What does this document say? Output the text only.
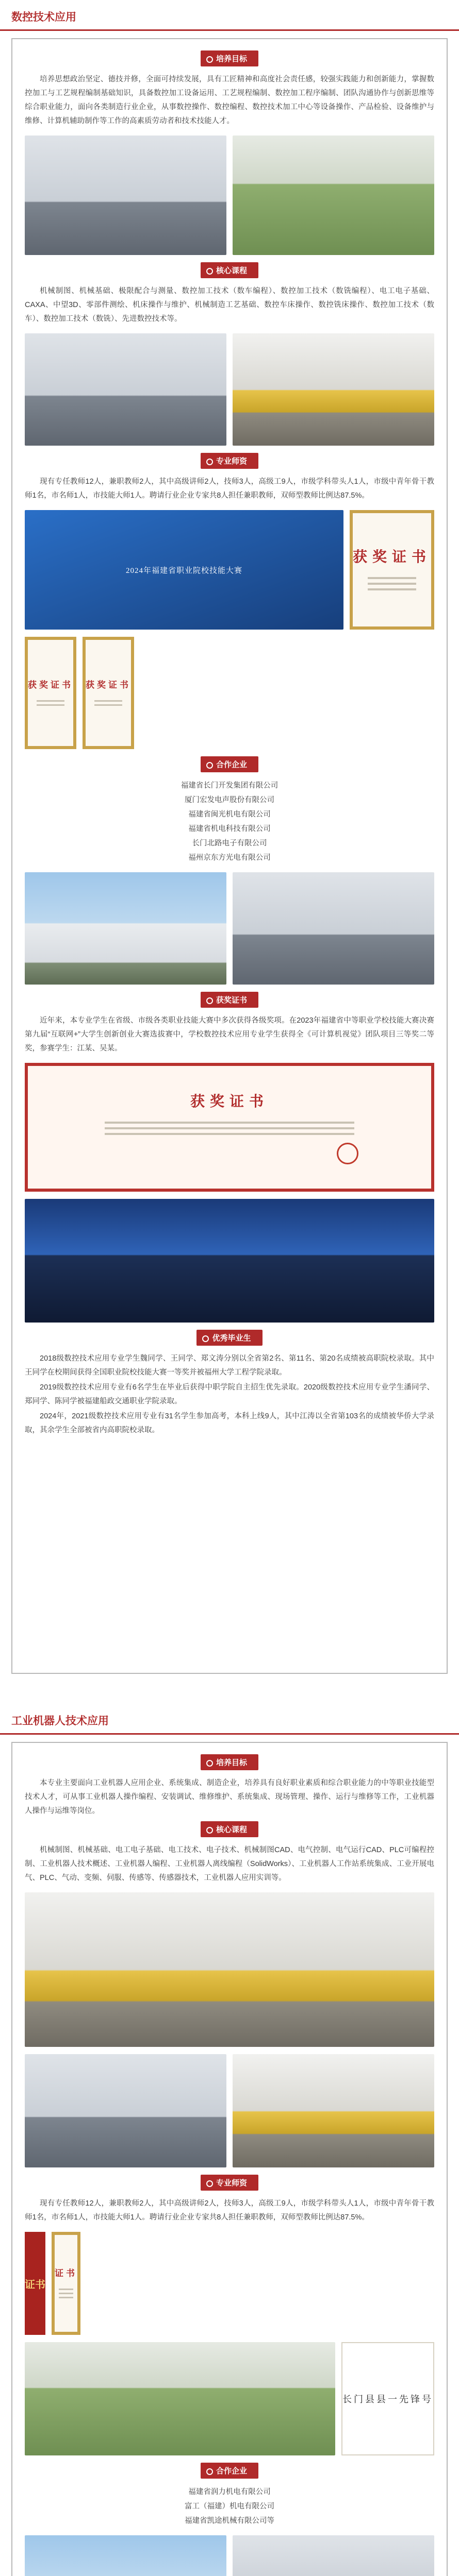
数控技术应用
培养目标

培养思想政治坚定、德技并修，全面可持续发展，具有工匠精神和高度社会责任感，较强实践能力和创新能力，掌握数控加工与工艺规程编制基础知识，具备数控加工设备运用、工艺规程编制、数控加工程序编制、团队沟通协作与创新思维等综合职业能力，面向各类制造行业企业，从事数控操作、数控编程、数控技术加工中心等设备操作、产品检验、设备维护与维修、计算机辅助制作等工作的高素质劳动者和技术技能人才。

核心课程

机械制图、机械基础、极限配合与测量、数控加工技术（数车编程）、数控加工技术（数铣编程）、电工电子基础、CAXA、中望3D、零部件测绘、机床操作与维护、机械制造工艺基础、数控车床操作、数控铣床操作、数控加工技术（数车）、数控加工技术（数铣）、先进数控技术等。

专业师资

现有专任教师12人，兼职教师2人，其中高级讲师2人，技师3人，高级工9人，市级学科带头人1人，市级中青年骨干教师1名，市名师1人，市技能大师1人。聘请行业企业专家共8人担任兼职教师，双师型教师比例达87.5%。

2024年福建省职业院校技能大赛
获奖证书
获奖证书 获奖证书
合作企业
福建省长门开发集团有限公司
厦门宏发电声股份有限公司
福建省闽光机电有限公司
福建省机电科技有限公司
长门北路电子有限公司
福州京东方光电有限公司
获奖证书

近年来，本专业学生在省级、市级各类职业技能大赛中多次获得各级奖项。在2023年福建省中等职业学校技能大赛决赛第九届“互联网+”大学生创新创业大赛选拔赛中，学校数控技术应用专业学生获得全《可计算机视觉》团队项目三等奖二等奖，参赛学生：江某、吴某。

获奖证书
优秀毕业生

2018级数控技术应用专业学生魏同学、王同学、郑文涛分别以全省第2名、第11名、第20名成绩被高职院校录取。其中王同学在校期间获得全国职业院校技能大赛一等奖并被福州大学工程学院录取。

2019级数控技术应用专业有6名学生在毕业后获得中职学院自主招生优先录取。2020级数控技术应用专业学生潘同学、郑同学、陈同学被福建船政交通职业学院录取。

2024年，2021级数控技术应用专业有31名学生参加高考，本科上线9人，其中江涛以全省第103名的成绩被华侨大学录取，其余学生全部被省内高职院校录取。

工业机器人技术应用
培养目标

本专业主要面向工业机器人应用企业、系统集成、制造企业，培养具有良好职业素质和综合职业能力的中等职业技能型技术人才，可从事工业机器人操作编程、安装调试、维修维护、系统集成、现场管理、操作、运行与维修等工作，工业机器人操作与运维等岗位。

核心课程

机械制图、机械基础、电工电子基础、电工技术、电子技术、机械制图CAD、电气控制、电气运行CAD、PLC可编程控制、工业机器人技术概述、工业机器人编程、工业机器人离线编程（SolidWorks）、工业机器人工作站系统集成、工业开展电气、PLC、气动、变频、伺服、传感等、传感器技术，工业机器人应用实训等。

专业师资

现有专任教师12人，兼职教师2人，其中高级讲师2人，技师3人，高级工9人，市级学科带头人1人，市级中青年骨干教师1名，市名师1人，市技能大师1人。聘请行业企业专家共8人担任兼职教师，双师型教师比例达87.5%。

证书
证书
长门县县一先锋号
合作企业
福建省润力机电有限公司
富工（福建）机电有限公司
福建省凯途机械有限公司等
